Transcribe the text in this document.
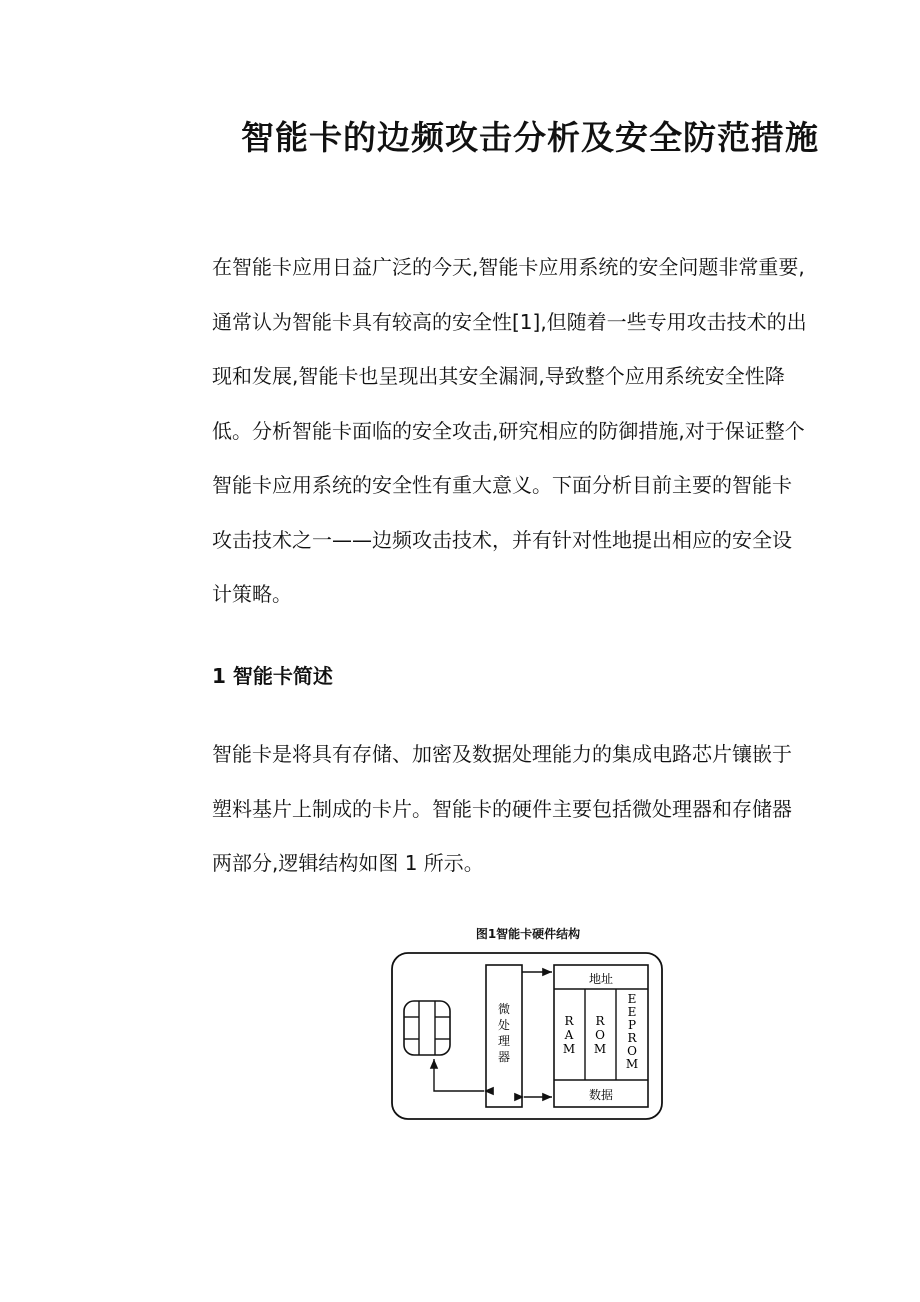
智能卡的边频攻击分析及安全防范措施
在智能卡应用日益广泛的今天,智能卡应用系统的安全问题非常重要,
通常认为智能卡具有较高的安全性[1],但随着一些专用攻击技术的出
现和发展,智能卡也呈现出其安全漏洞,导致整个应用系统安全性降
低。分析智能卡面临的安全攻击,研究相应的防御措施,对于保证整个
智能卡应用系统的安全性有重大意义。下面分析目前主要的智能卡
攻击技术之一——边频攻击技术，并有针对性地提出相应的安全设
计策略。
1 智能卡简述
智能卡是将具有存储、加密及数据处理能力的集成电路芯片镶嵌于
塑料基片上制成的卡片。智能卡的硬件主要包括微处理器和存储器
两部分,逻辑结构如图 1 所示。
图1智能卡硬件结构
微
处
理
器
地址
数据
R
A
M
R
O
M
E
E
P
R
O
M
